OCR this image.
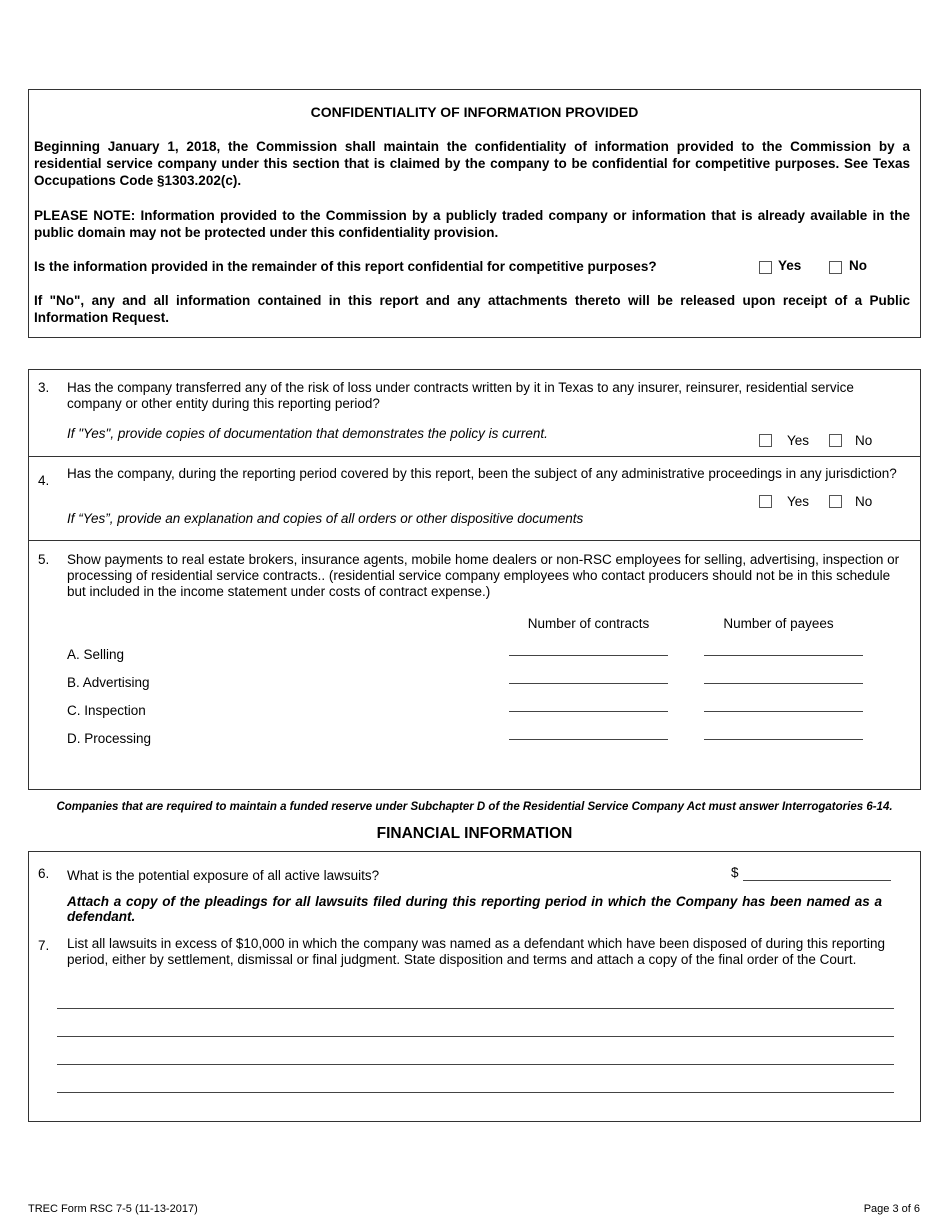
CONFIDENTIALITY OF INFORMATION PROVIDED
Beginning January 1, 2018, the Commission shall maintain the confidentiality of information provided to the Commission by a residential service company under this section that is claimed by the company to be confidential for competitive purposes. See Texas Occupations Code §1303.202(c).
PLEASE NOTE: Information provided to the Commission by a publicly traded company or information that is already available in the public domain may not be protected under this confidentiality provision.
Is the information provided in the remainder of this report confidential for competitive purposes?	Yes	No
If "No", any and all information contained in this report and any attachments thereto will be released upon receipt of a Public Information Request.
3. Has the company transferred any of the risk of loss under contracts written by it in Texas to any insurer, reinsurer, residential service company or other entity during this reporting period?
If "Yes", provide copies of documentation that demonstrates the policy is current.	Yes	No
4. Has the company, during the reporting period covered by this report, been the subject of any administrative proceedings in any jurisdiction?
Yes	No
If “Yes”, provide an explanation and copies of all orders or other dispositive documents
5. Show payments to real estate brokers, insurance agents, mobile home dealers or non-RSC employees for selling, advertising, inspection or processing of residential service contracts.. (residential service company employees who contact producers should not be in this schedule but included in the income statement under costs of contract expense.)
Number of contracts	Number of payees
A. Selling
B. Advertising
C. Inspection
D. Processing
Companies that are required to maintain a funded reserve under Subchapter D of the Residential Service Company Act must answer Interrogatories 6-14.
FINANCIAL INFORMATION
6. What is the potential exposure of all active lawsuits?	$
Attach a copy of the pleadings for all lawsuits filed during this reporting period in which the Company has been named as a defendant.
7. List all lawsuits in excess of $10,000 in which the company was named as a defendant which have been disposed of during this reporting period, either by settlement, dismissal or final judgment. State disposition and terms and attach a copy of the final order of the Court.
TREC Form RSC 7-5 (11-13-2017)	Page 3 of 6
